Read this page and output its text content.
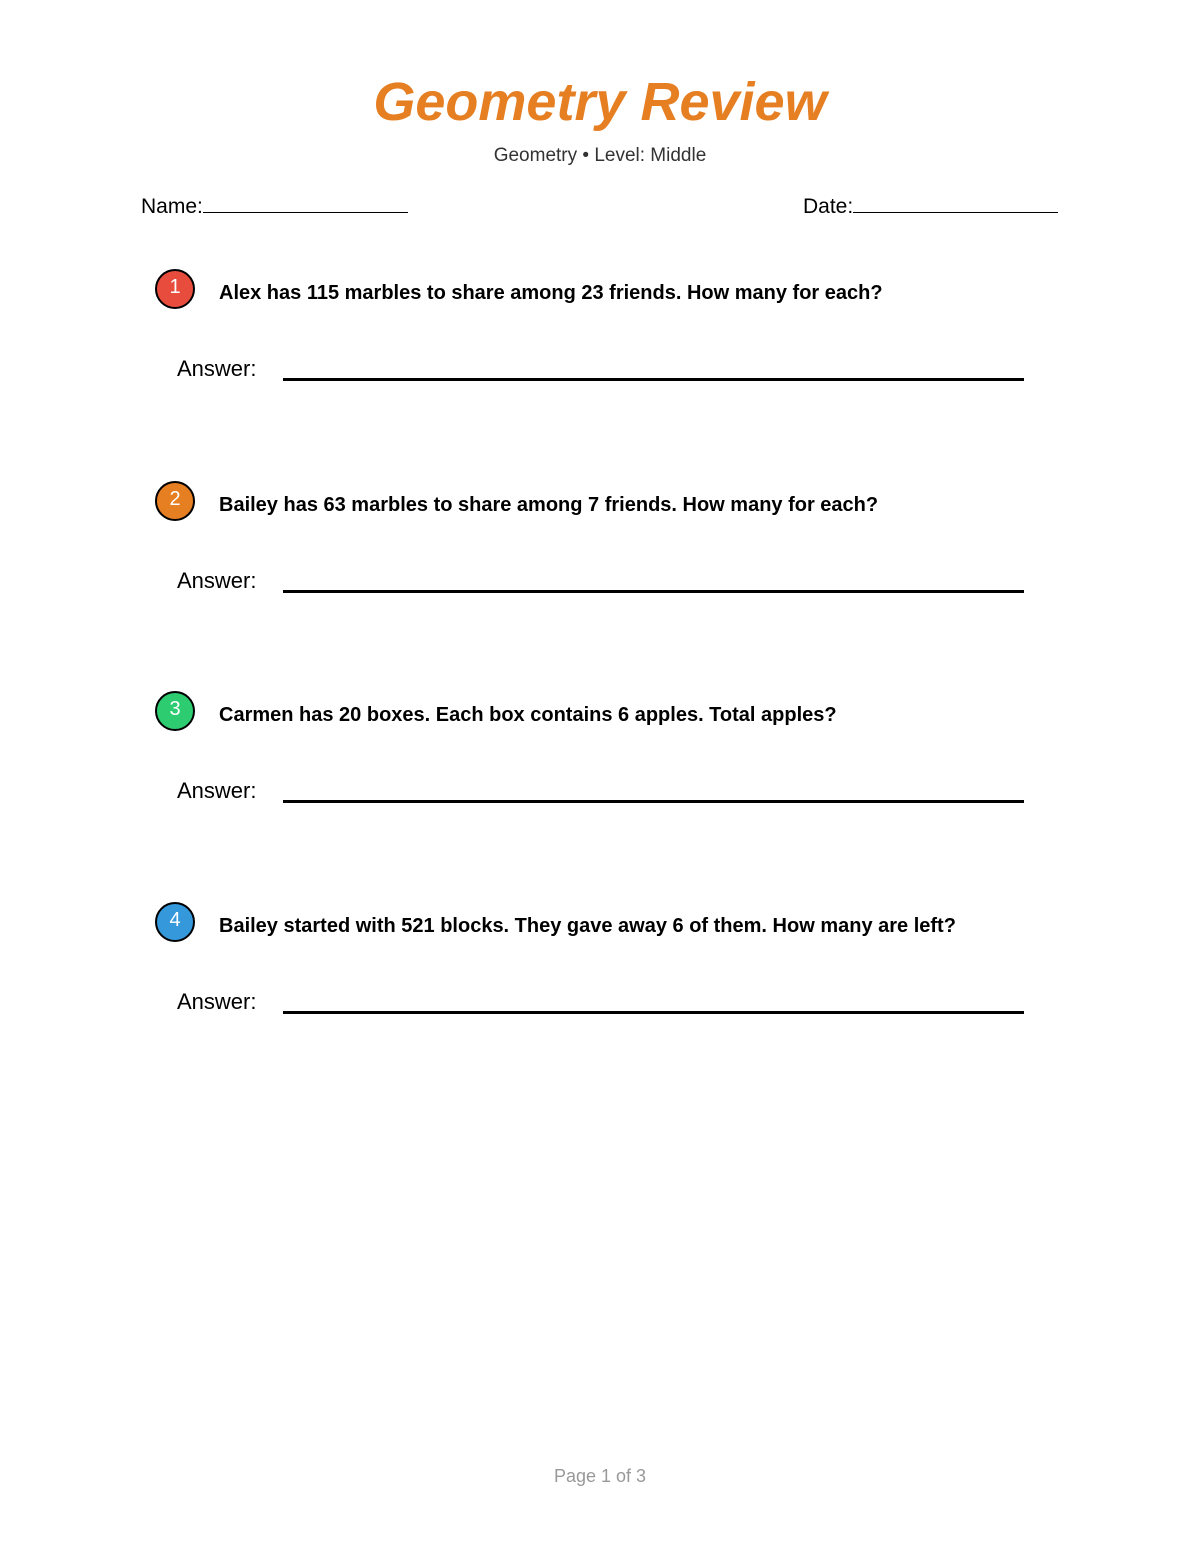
Geometry Review
Geometry • Level: Middle
Name:	Date:
1	Alex has 115 marbles to share among 23 friends. How many for each?
Answer:
2	Bailey has 63 marbles to share among 7 friends. How many for each?
Answer:
3	Carmen has 20 boxes. Each box contains 6 apples. Total apples?
Answer:
4	Bailey started with 521 blocks. They gave away 6 of them. How many are left?
Answer:
Page 1 of 3
